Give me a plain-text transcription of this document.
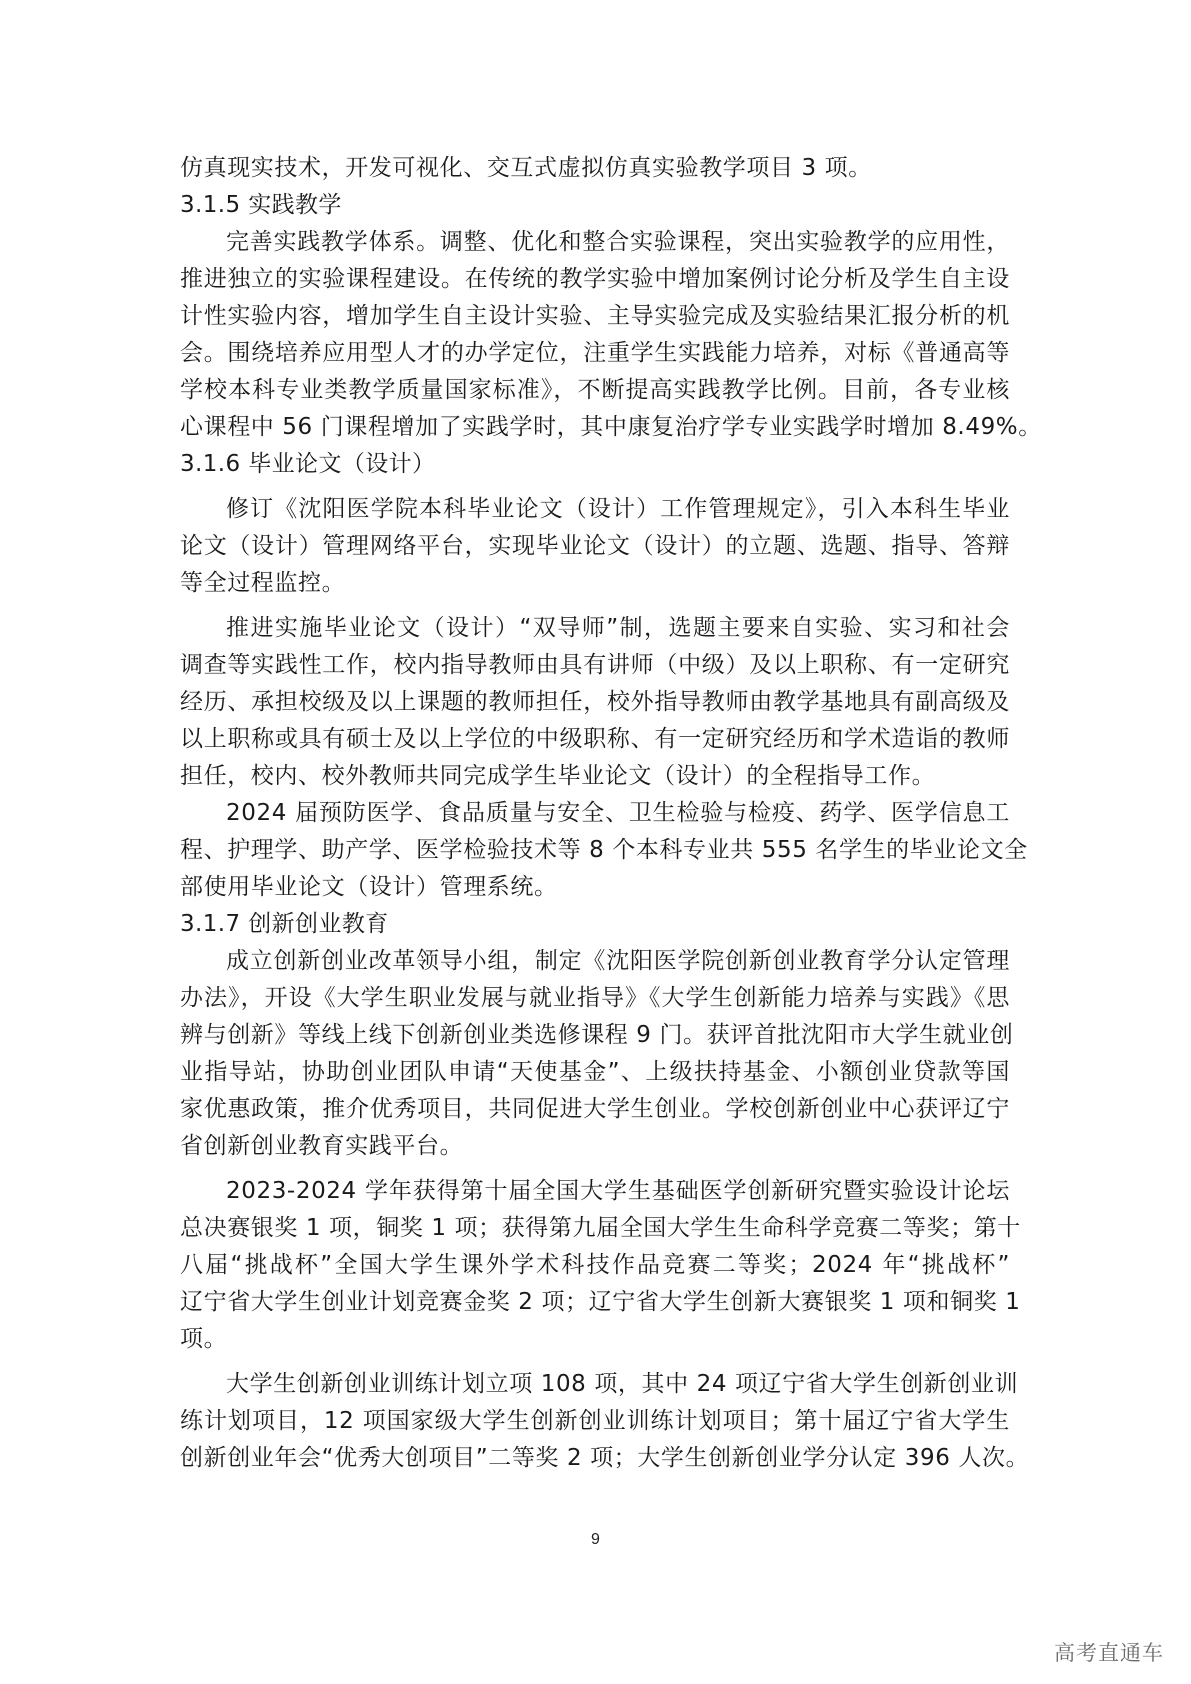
仿真现实技术，开发可视化、交互式虚拟仿真实验教学项目 3 项。
3.1.5 实践教学
完善实践教学体系。调整、优化和整合实验课程，突出实验教学的应用性，
推进独立的实验课程建设。在传统的教学实验中增加案例讨论分析及学生自主设
计性实验内容，增加学生自主设计实验、主导实验完成及实验结果汇报分析的机
会。围绕培养应用型人才的办学定位，注重学生实践能力培养，对标《普通高等
学校本科专业类教学质量国家标准》，不断提高实践教学比例。目前，各专业核
心课程中 56 门课程增加了实践学时，其中康复治疗学专业实践学时增加 8.49%。
3.1.6 毕业论文（设计）
修订《沈阳医学院本科毕业论文（设计）工作管理规定》，引入本科生毕业
论文（设计）管理网络平台，实现毕业论文（设计）的立题、选题、指导、答辩
等全过程监控。
推进实施毕业论文（设计）“双导师”制，选题主要来自实验、实习和社会
调查等实践性工作，校内指导教师由具有讲师（中级）及以上职称、有一定研究
经历、承担校级及以上课题的教师担任，校外指导教师由教学基地具有副高级及
以上职称或具有硕士及以上学位的中级职称、有一定研究经历和学术造诣的教师
担任，校内、校外教师共同完成学生毕业论文（设计）的全程指导工作。
2024 届预防医学、食品质量与安全、卫生检验与检疫、药学、医学信息工
程、护理学、助产学、医学检验技术等 8 个本科专业共 555 名学生的毕业论文全
部使用毕业论文（设计）管理系统。
3.1.7 创新创业教育
成立创新创业改革领导小组，制定《沈阳医学院创新创业教育学分认定管理
办法》，开设《大学生职业发展与就业指导》《大学生创新能力培养与实践》《思
辨与创新》等线上线下创新创业类选修课程 9 门。获评首批沈阳市大学生就业创
业指导站，协助创业团队申请“天使基金”、上级扶持基金、小额创业贷款等国
家优惠政策，推介优秀项目，共同促进大学生创业。学校创新创业中心获评辽宁
省创新创业教育实践平台。
2023-2024 学年获得第十届全国大学生基础医学创新研究暨实验设计论坛
总决赛银奖 1 项，铜奖 1 项；获得第九届全国大学生生命科学竞赛二等奖；第十
八届“挑战杯”全国大学生课外学术科技作品竞赛二等奖；2024 年“挑战杯”
辽宁省大学生创业计划竞赛金奖 2 项；辽宁省大学生创新大赛银奖 1 项和铜奖 1
项。
大学生创新创业训练计划立项 108 项，其中 24 项辽宁省大学生创新创业训
练计划项目，12 项国家级大学生创新创业训练计划项目；第十届辽宁省大学生
创新创业年会“优秀大创项目”二等奖 2 项；大学生创新创业学分认定 396 人次。
9
高考直通车
